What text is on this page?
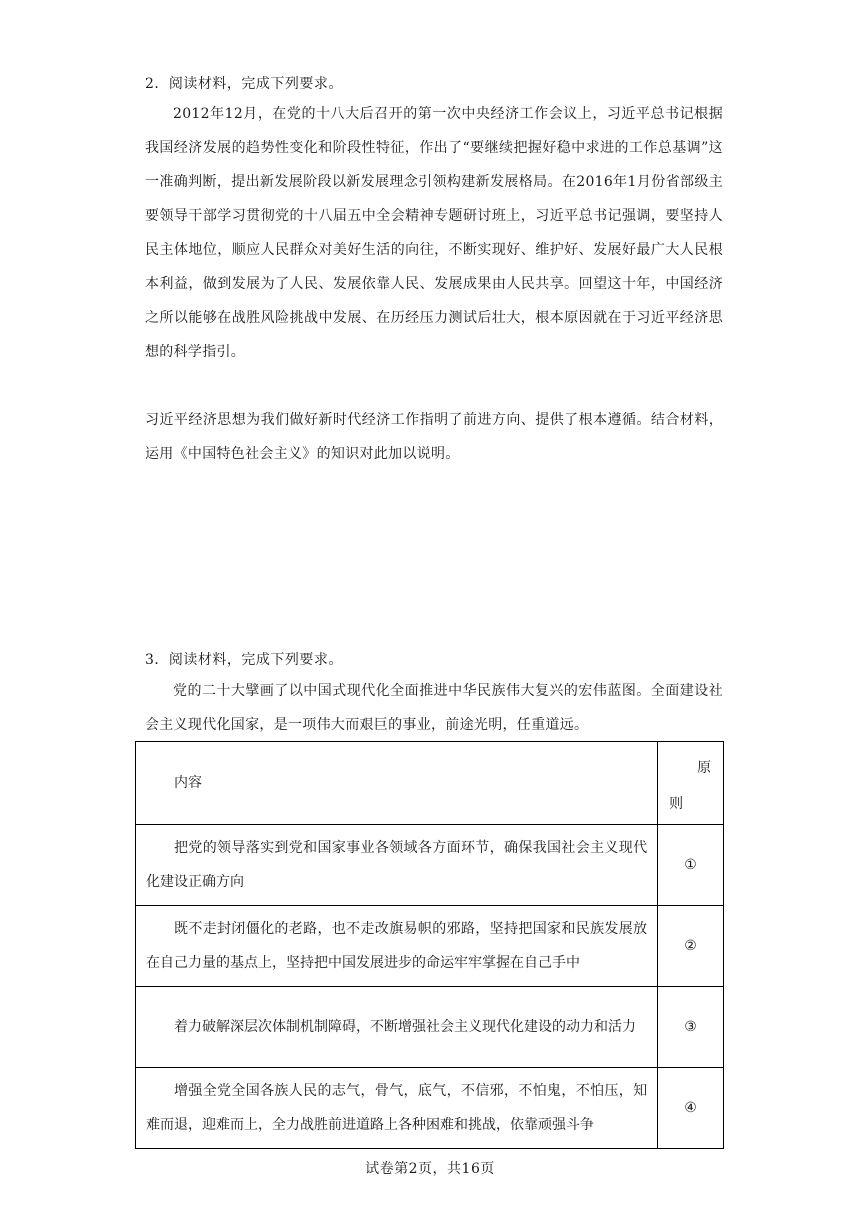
2．阅读材料，完成下列要求。
2012年12月，在党的十八大后召开的第一次中央经济工作会议上，习近平总书记根据我国经济发展的趋势性变化和阶段性特征，作出了“要继续把握好稳中求进的工作总基调”这一准确判断，提出新发展阶段以新发展理念引领构建新发展格局。在2016年1月份省部级主要领导干部学习贯彻党的十八届五中全会精神专题研讨班上，习近平总书记强调，要坚持人民主体地位，顺应人民群众对美好生活的向往，不断实现好、维护好、发展好最广大人民根本利益，做到发展为了人民、发展依靠人民、发展成果由人民共享。回望这十年，中国经济之所以能够在战胜风险挑战中发展、在历经压力测试后壮大，根本原因就在于习近平经济思想的科学指引。
习近平经济思想为我们做好新时代经济工作指明了前进方向、提供了根本遵循。结合材料，运用《中国特色社会主义》的知识对此加以说明。
3．阅读材料，完成下列要求。
党的二十大擘画了以中国式现代化全面推进中华民族伟大复兴的宏伟蓝图。全面建设社会主义现代化国家，是一项伟大而艰巨的事业，前途光明，任重道远。
内容	原
则

把党的领导落实到党和国家事业各领域各方面环节，确保我国社会主义现代化建设正确方向	①
既不走封闭僵化的老路，也不走改旗易帜的邪路，坚持把国家和民族发展放在自己力量的基点上，坚持把中国发展进步的命运牢牢掌握在自己手中	②
着力破解深层次体制机制障碍，不断增强社会主义现代化建设的动力和活力	③
增强全党全国各族人民的志气，骨气，底气，不信邪，不怕鬼，不怕压，知难而退，迎难而上，全力战胜前进道路上各种困难和挑战，依靠顽强斗争	④
试卷第2页，共16页
